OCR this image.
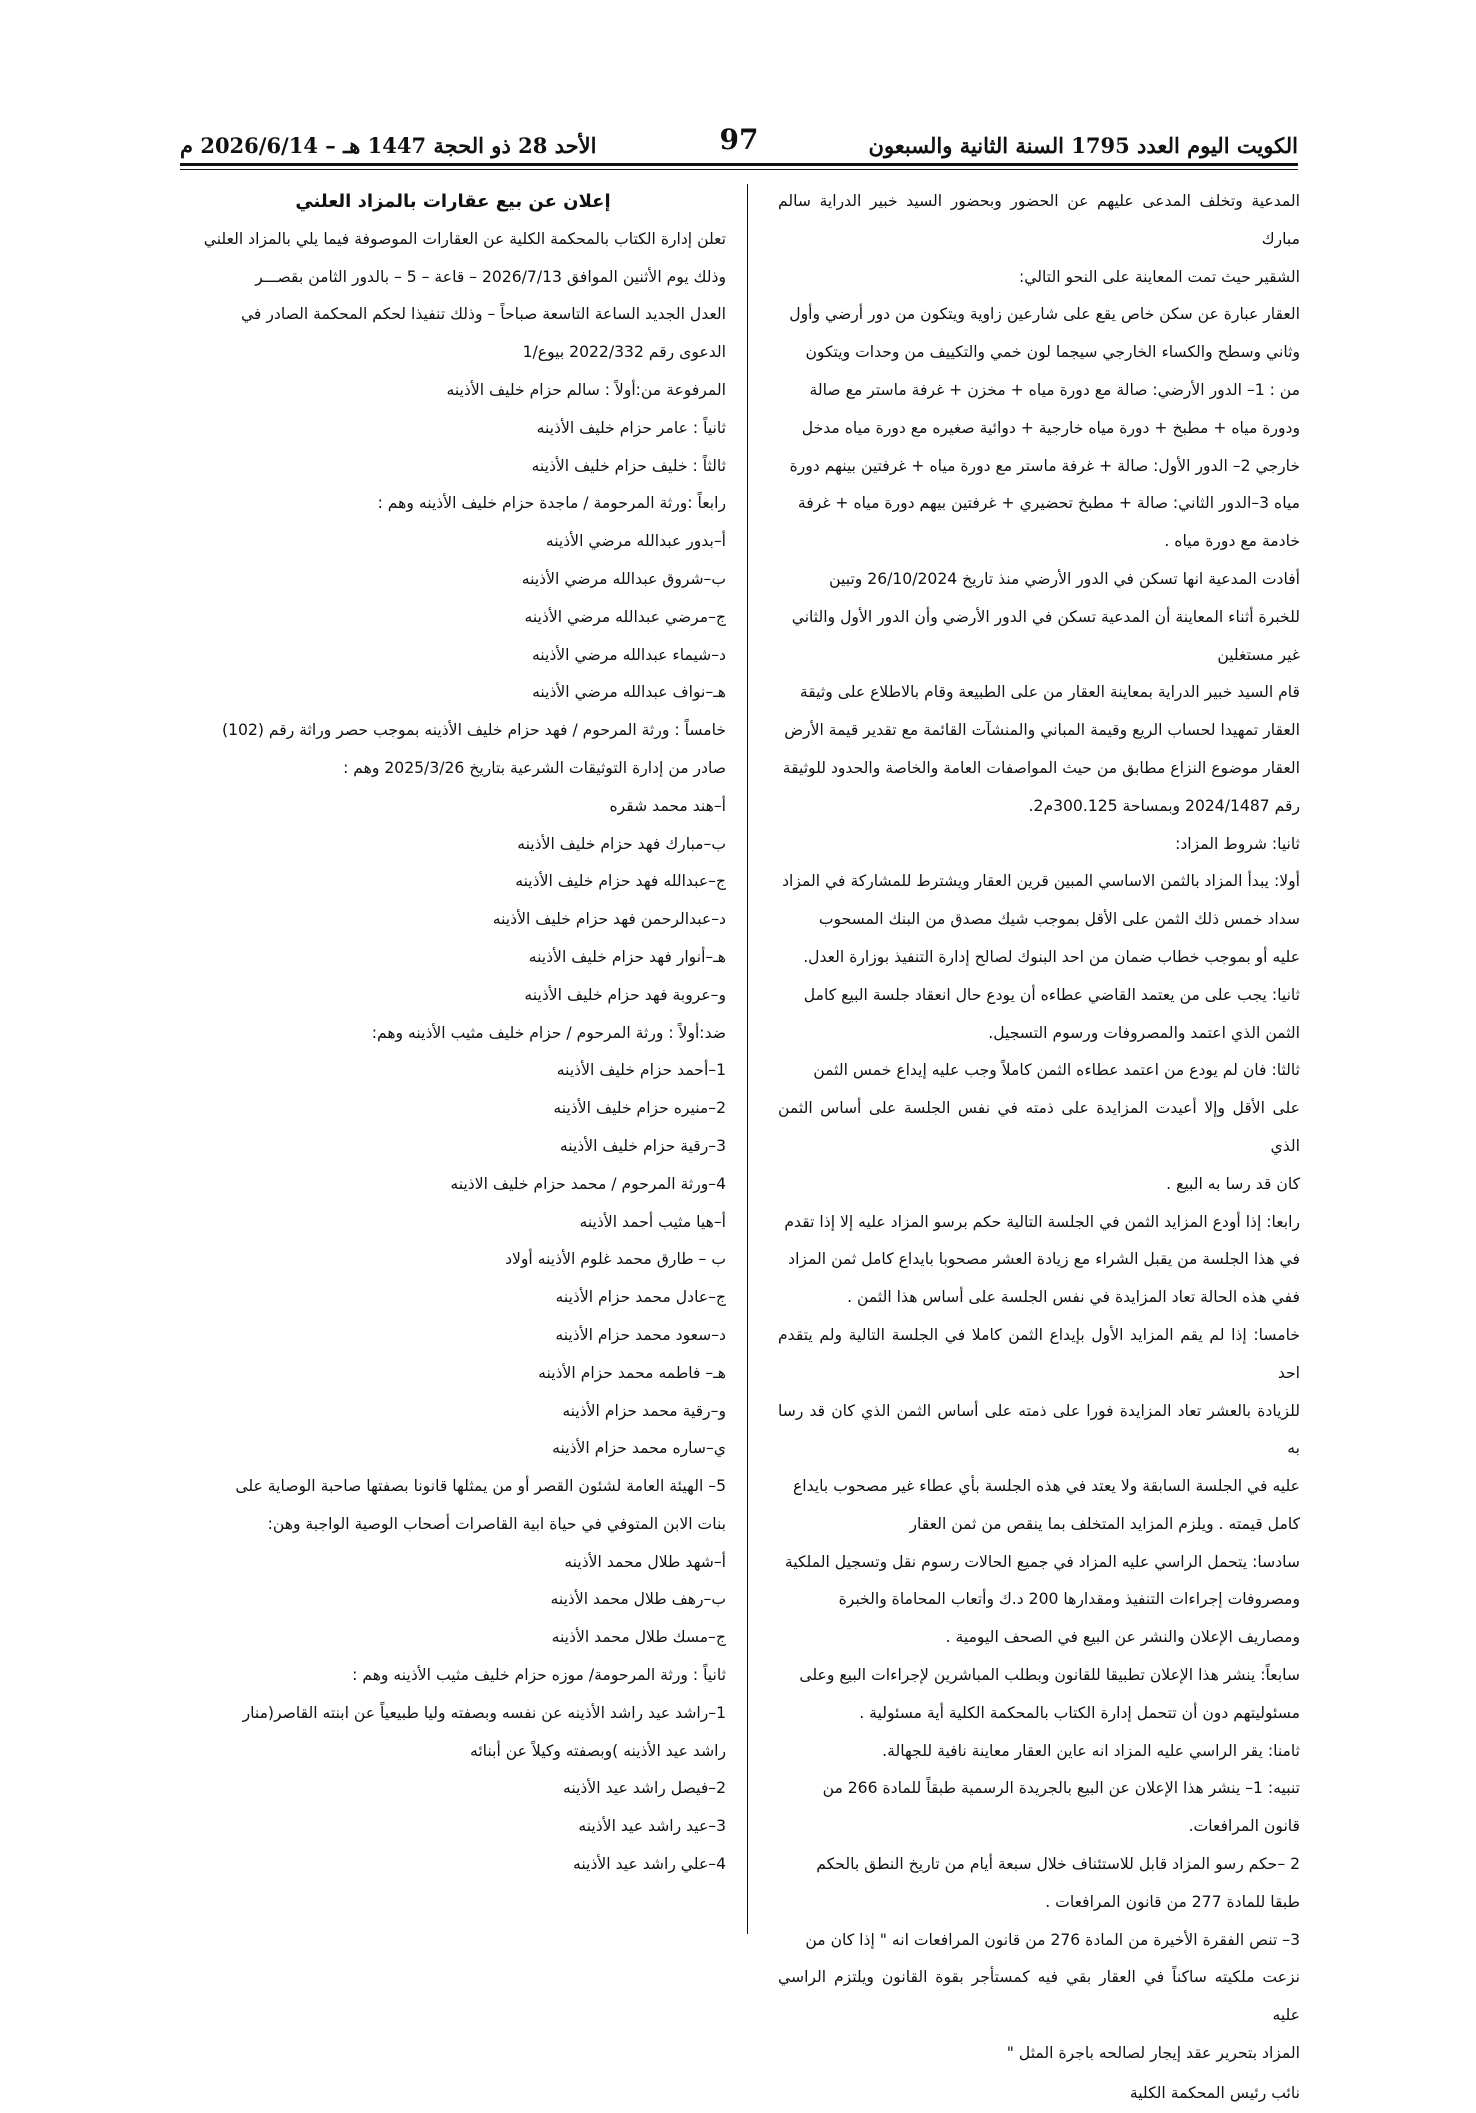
الكويت اليوم العدد 1795 السنة الثانية والسبعون
97
الأحد 28 ذو الحجة 1447 هـ – 2026/6/14 م

المدعية وتخلف المدعى عليهم عن الحضور وبحضور السيد خبير الدراية سالم مبارك

الشقير حيث تمت المعاينة على النحو التالي:

العقار عبارة عن سكن خاص يقع على شارعين زاوية ويتكون من دور أرضي وأول

وثاني وسطح والكساء الخارجي سيجما لون خمي والتكييف من وحدات ويتكون

من : 1– الدور الأرضي: صالة مع دورة مياه + مخزن + غرفة ماستر مع صالة

ودورة مياه + مطبخ + دورة مياه خارجية + دوائية صغيره مع دورة مياه مدخل

خارجي 2– الدور الأول: صالة + غرفة ماستر مع دورة مياه + غرفتين بينهم دورة

مياه 3–الدور الثاني: صالة + مطبخ تحضيري + غرفتين بيهم دورة مياه + غرفة

خادمة مع دورة مياه .

أفادت المدعية انها تسكن في الدور الأرضي منذ تاريخ 26/10/2024 وتبين

للخبرة أثناء المعاينة أن المدعية تسكن في الدور الأرضي وأن الدور الأول والثاني

غير مستغلين

قام السيد خبير الدراية بمعاينة العقار من على الطبيعة وقام بالاطلاع على وثيقة

العقار تمهيدا لحساب الريع وقيمة المباني والمنشآت القائمة مع تقدير قيمة الأرض

العقار موضوع النزاع مطابق من حيث المواصفات العامة والخاصة والحدود للوثيقة

رقم 2024/1487 وبمساحة 300.125م2.

ثانيا: شروط المزاد:

أولا: يبدأ المزاد بالثمن الاساسي المبين قرين العقار ويشترط للمشاركة في المزاد

سداد خمس ذلك الثمن على الأقل بموجب شيك مصدق من البنك المسحوب

عليه أو بموجب خطاب ضمان من احد البنوك لصالح إدارة التنفيذ بوزارة العدل.

ثانيا: يجب على من يعتمد القاضي عطاءه أن يودع حال انعقاد جلسة البيع كامل

الثمن الذي اعتمد والمصروفات ورسوم التسجيل.

ثالثا: فان لم يودع من اعتمد عطاءه الثمن كاملاً وجب عليه إيداع خمس الثمن

على الأقل وإلا أعيدت المزايدة على ذمته في نفس الجلسة على أساس الثمن الذي

كان قد رسا به البيع .

رابعا: إذا أودع المزايد الثمن في الجلسة التالية حكم برسو المزاد عليه إلا إذا تقدم

في هذا الجلسة من يقبل الشراء مع زيادة العشر مصحوبا بايداع كامل ثمن المزاد

ففي هذه الحالة تعاد المزايدة في نفس الجلسة على أساس هذا الثمن .

خامسا: إذا لم يقم المزايد الأول بإيداع الثمن كاملا في الجلسة التالية ولم يتقدم احد

للزيادة بالعشر تعاد المزايدة فورا على ذمته على أساس الثمن الذي كان قد رسا به

عليه في الجلسة السابقة ولا يعتد في هذه الجلسة بأي عطاء غير مصحوب بايداع

كامل قيمته . ويلزم المزايد المتخلف بما ينقص من ثمن العقار

سادسا: يتحمل الراسي عليه المزاد في جميع الحالات رسوم نقل وتسجيل الملكية

ومصروفات إجراءات التنفيذ ومقدارها 200 د.ك وأتعاب المحاماة والخبرة

ومصاريف الإعلان والنشر عن البيع في الصحف اليومية .

سابعاً: ينشر هذا الإعلان تطبيقا للقانون وبطلب المباشرين لإجراءات البيع وعلى

مسئوليتهم دون أن تتحمل إدارة الكتاب بالمحكمة الكلية أية مسئولية .

ثامنا: يقر الراسي عليه المزاد انه عاين العقار معاينة نافية للجهالة.

تنبيه: 1– ينشر هذا الإعلان عن البيع بالجريدة الرسمية طبقاً للمادة 266 من

قانون المرافعات.

2 –حكم رسو المزاد قابل للاستئناف خلال سبعة أيام من تاريخ النطق بالحكم

طبقا للمادة 277 من قانون المرافعات .

3– تنص الفقرة الأخيرة من المادة 276 من قانون المرافعات انه " إذا كان من

نزعت ملكيته ساكناً في العقار بقي فيه كمستأجر بقوة القانون ويلتزم الراسي عليه

المزاد بتحرير عقد إيجار لصالحه باجرة المثل "

نائب رئيس المحكمة الكلية

إعلان عن بيع عقارات بالمزاد العلني

تعلن إدارة الكتاب بالمحكمة الكلية عن العقارات الموصوفة فيما يلي بالمزاد العلني

وذلك يوم الأثنين الموافق 2026/7/13 – قاعة – 5 – بالدور الثامن بقصـــر

العدل الجديد الساعة التاسعة صباحاً – وذلك تنفيذا لحكم المحكمة الصادر في

الدعوى رقم 2022/332 بيوع/1

المرفوعة من:أولاً : سالم حزام خليف الأذينه

ثانياً : عامر حزام خليف الأذينه

ثالثاً : خليف حزام خليف الأذينه

رابعاً :ورثة المرحومة / ماجدة حزام خليف الأذينه وهم :

أ–بدور عبدالله مرضي الأذينه

ب–شروق عبدالله مرضي الأذينه

ج–مرضي عبدالله مرضي الأذينه

د–شيماء عبدالله مرضي الأذينه

هـ–نواف عبدالله مرضي الأذينه

خامساً : ورثة المرحوم / فهد حزام خليف الأذينه بموجب حصر وراثة رقم (102)

صادر من إدارة التوثيقات الشرعية بتاريخ 2025/3/26 وهم :

أ–هند محمد شقره

ب–مبارك فهد حزام خليف الأذينه

ج–عبدالله فهد حزام خليف الأذينه

د–عبدالرحمن فهد حزام خليف الأذينه

هـ–أنوار فهد حزام خليف الأذينه

و–عروبة فهد حزام خليف الأذينه

ضد:أولاً : ورثة المرحوم / حزام خليف مثيب الأذينه وهم:

1–أحمد حزام خليف الأذينه

2–منيره حزام خليف الأذينه

3–رقية حزام خليف الأذينه

4–ورثة المرحوم / محمد حزام خليف الاذينه

أ–هيا مثيب أحمد الأذينه

ب – طارق محمد غلوم الأذينه أولاد

ج–عادل محمد حزام الأذينه

د–سعود محمد حزام الأذينه

هـ– فاطمه محمد حزام الأذينه

و–رقية محمد حزام الأذينه

ي–ساره محمد حزام الأذينه

5– الهيئة العامة لشئون القصر أو من يمثلها قانونا بصفتها صاحبة الوصاية على

بنات الابن المتوفي في حياة ابية القاصرات أصحاب الوصية الواجبة وهن:

أ–شهد طلال محمد الأذينه

ب–رهف طلال محمد الأذينه

ج–مسك طلال محمد الأذينه

ثانياً : ورثة المرحومة/ موزه حزام خليف مثيب الأذينه وهم :

1–راشد عيد راشد الأذينه عن نفسه وبصفته وليا طبيعياً عن ابنته القاصر(منار

راشد عيد الأذينه )وبصفته وكيلاً عن أبنائه

2–فيصل راشد عيد الأذينه

3–عيد راشد عيد الأذينه

4–علي راشد عيد الأذينه
